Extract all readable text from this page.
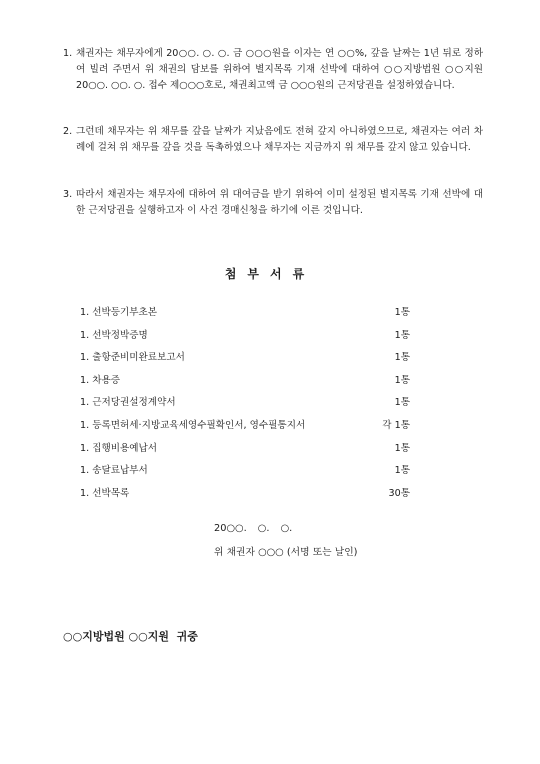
1. 채권자는 채무자에게 20○○. ○. ○. 금 ○○○원을 이자는 연 ○○%, 갚을 날짜는 1년 뒤로 정하여 빌려 주면서 위 채권의 담보를 위하여 별지목록 기재 선박에 대하여 ○○지방법원 ○○지원 20○○. ○○. ○. 접수 제○○○호로, 채권최고액 금 ○○○원의 근저당권을 설정하였습니다.
2. 그런데 채무자는 위 채무를 갚을 날짜가 지났음에도 전혀 갚지 아니하였으므로, 채권자는 여러 차례에 걸쳐 위 채무를 갚을 것을 독촉하였으나 채무자는 지금까지 위 채무를 갚지 않고 있습니다.
3. 따라서 채권자는 채무자에 대하여 위 대여금을 받기 위하여 이미 설정된 별지목록 기재 선박에 대한 근저당권을 실행하고자 이 사건 경매신청을 하기에 이른 것입니다.
첨부서류
1. 선박등기부초본	1통
1. 선박정박증명	1통
1. 출항준비미완료보고서	1통
1. 차용증	1통
1. 근저당권설정계약서	1통
1. 등록면허세·지방교육세영수필확인서, 영수필통지서	각 1통
1. 집행비용예납서	1통
1. 송달료납부서	1통
1. 선박목록	30통
20○○. ○. ○.
위 채권자 ○○○ (서명 또는 날인)
○○지방법원 ○○지원  귀중
